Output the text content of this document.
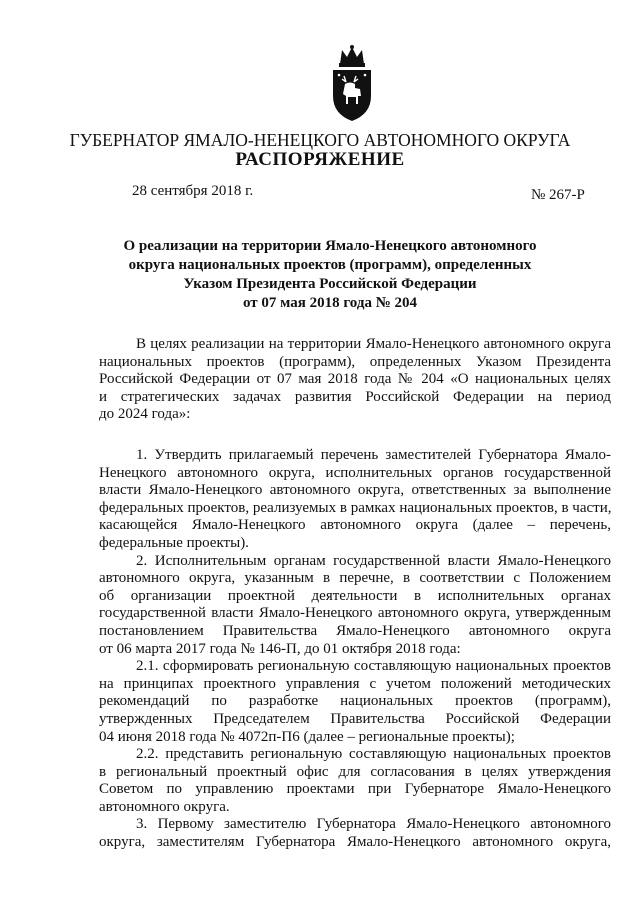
ГУБЕРНАТОР ЯМАЛО-НЕНЕЦКОГО АВТОНОМНОГО ОКРУГА
РАСПОРЯЖЕНИЕ
28 сентября 2018 г.	№ 267-Р
О реализации на территории Ямало-Ненецкого автономного
округа национальных проектов (программ), определенных
Указом Президента Российской Федерации
от 07 мая 2018 года № 204
В целях реализации на территории Ямало-Ненецкого автономного округа
национальных проектов (программ), определенных Указом Президента
Российской Федерации от 07 мая 2018 года № 204 «О национальных целях
и стратегических задачах развития Российской Федерации на период
до 2024 года»:
1. Утвердить прилагаемый перечень заместителей Губернатора Ямало-
Ненецкого автономного округа, исполнительных органов государственной
власти Ямало-Ненецкого автономного округа, ответственных за выполнение
федеральных проектов, реализуемых в рамках национальных проектов, в части,
касающейся Ямало-Ненецкого автономного округа (далее – перечень,
федеральные проекты).
2. Исполнительным органам государственной власти Ямало-Ненецкого
автономного округа, указанным в перечне, в соответствии с Положением
об организации проектной деятельности в исполнительных органах
государственной власти Ямало-Ненецкого автономного округа, утвержденным
постановлением Правительства Ямало-Ненецкого автономного округа
от 06 марта 2017 года № 146-П, до 01 октября 2018 года:
2.1. сформировать региональную составляющую национальных проектов
на принципах проектного управления с учетом положений методических
рекомендаций по разработке национальных проектов (программ),
утвержденных Председателем Правительства Российской Федерации
04 июня 2018 года № 4072п-П6 (далее – региональные проекты);
2.2. представить региональную составляющую национальных проектов
в региональный проектный офис для согласования в целях утверждения
Советом по управлению проектами при Губернаторе Ямало-Ненецкого
автономного округа.
3. Первому заместителю Губернатора Ямало-Ненецкого автономного
округа, заместителям Губернатора Ямало-Ненецкого автономного округа,
